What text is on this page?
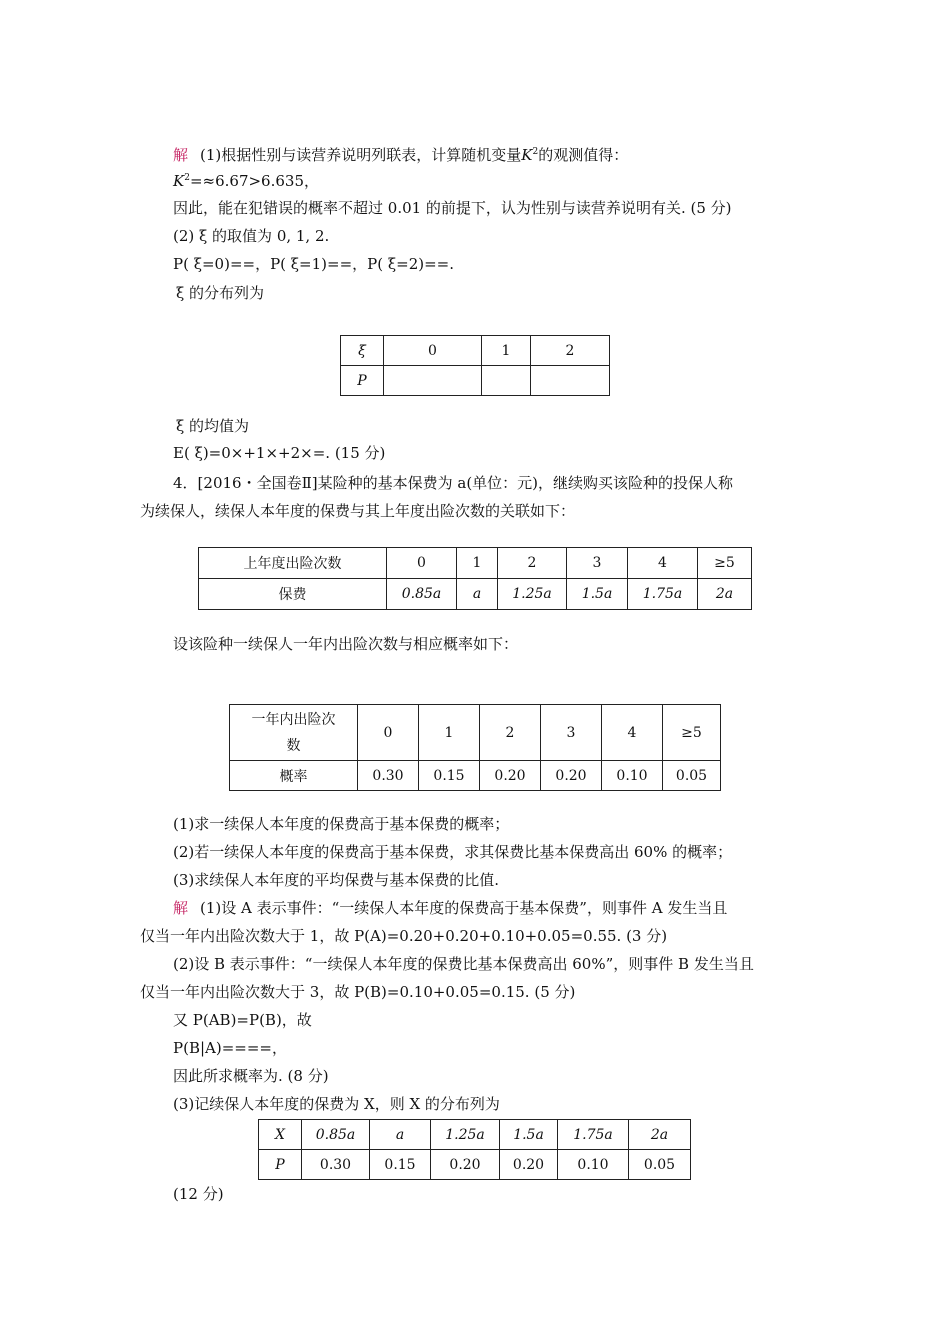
解 (1)根据性别与读营养说明列联表，计算随机变量$K^2$的观测值得：
$K^2=\approx 6.67>6.635$，
因此，能在犯错误的概率不超过 0.01 的前提下，认为性别与读营养说明有关. (5 分)
(2) ξ 的取值为 0, 1, 2.
P( ξ=0)==，P( ξ=1)==，P( ξ=2)==.
ξ 的分布列为
ξ	0	1	2
P			
ξ 的均值为
E( ξ)=0×+1×+2×=. (15 分)
4．[2016・全国卷Ⅱ]某险种的基本保费为 a(单位：元)，继续购买该险种的投保人称
为续保人，续保人本年度的保费与其上年度出险次数的关联如下：
上年度出险次数	0	1	2	3	4	≥5
保费	0.85a	a	1.25a	1.5a	1.75a	2a
设该险种一续保人一年内出险次数与相应概率如下：
一年内出险次
数	0	1	2	3	4	≥5
概率	0.30	0.15	0.20	0.20	0.10	0.05
(1)求一续保人本年度的保费高于基本保费的概率；
(2)若一续保人本年度的保费高于基本保费，求其保费比基本保费高出 60% 的概率；
(3)求续保人本年度的平均保费与基本保费的比值.
解 (1)设 A 表示事件：“一续保人本年度的保费高于基本保费”，则事件 A 发生当且
仅当一年内出险次数大于 1，故 P(A)=0.20+0.20+0.10+0.05=0.55. (3 分)
(2)设 B 表示事件：“一续保人本年度的保费比基本保费高出 60%”，则事件 B 发生当且
仅当一年内出险次数大于 3，故 P(B)=0.10+0.05=0.15. (5 分)
又 P(AB)=P(B)，故
P(B|A)====，
因此所求概率为. (8 分)
(3)记续保人本年度的保费为 X，则 X 的分布列为
X	0.85a	a	1.25a	1.5a	1.75a	2a
P	0.30	0.15	0.20	0.20	0.10	0.05
(12 分)
